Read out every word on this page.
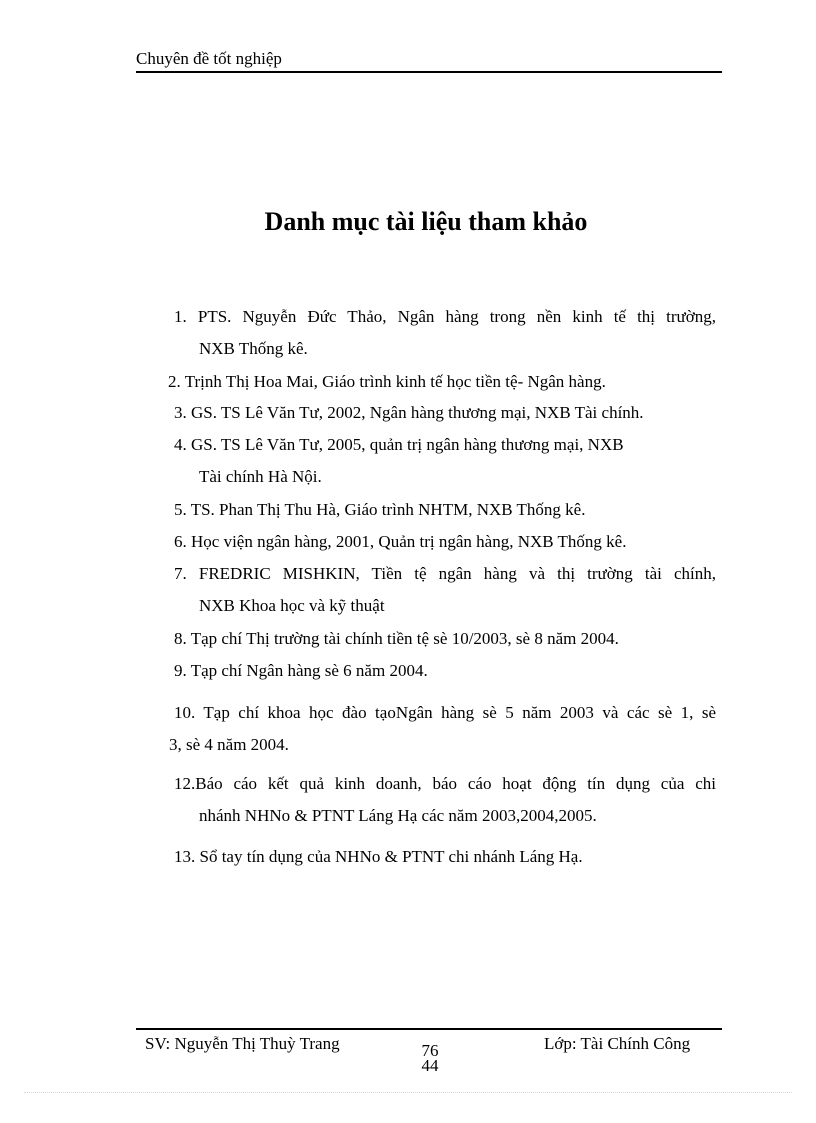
Chuyên đề tốt nghiệp
Danh mục tài liệu tham khảo
1. PTS. Nguyễn Đức Thảo, Ngân hàng trong nền kinh tế thị trường,
NXB Thống kê.
2. Trịnh Thị Hoa Mai, Giáo trình kinh tế học tiền tệ- Ngân hàng.
3. GS. TS Lê Văn Tư, 2002, Ngân hàng thương mại, NXB Tài chính.
4. GS. TS Lê Văn Tư, 2005, quản trị ngân hàng thương mại, NXB
Tài chính Hà Nội.
5. TS. Phan Thị Thu Hà, Giáo trình NHTM, NXB Thống kê.
6. Học viện ngân hàng, 2001, Quản trị ngân hàng, NXB Thống kê.
7. FREDRIC MISHKIN, Tiền tệ ngân hàng và thị trường tài chính,
NXB Khoa học và kỹ thuật
8. Tạp chí Thị trường tài chính tiền tệ sè 10/2003, sè 8 năm 2004.
9. Tạp chí Ngân hàng sè 6 năm 2004.
10. Tạp chí khoa học đào tạoNgân hàng sè 5 năm 2003 và các sè 1, sè
3, sè 4 năm 2004.
12.Báo cáo kết quả kinh doanh, báo cáo hoạt động tín dụng của chi
nhánh NHNo & PTNT Láng Hạ các năm 2003,2004,2005.
13. Sổ tay tín dụng của NHNo & PTNT chi nhánh Láng Hạ.
SV: Nguyễn Thị Thuỳ Trang	76
44
Lớp: Tài Chính Công
